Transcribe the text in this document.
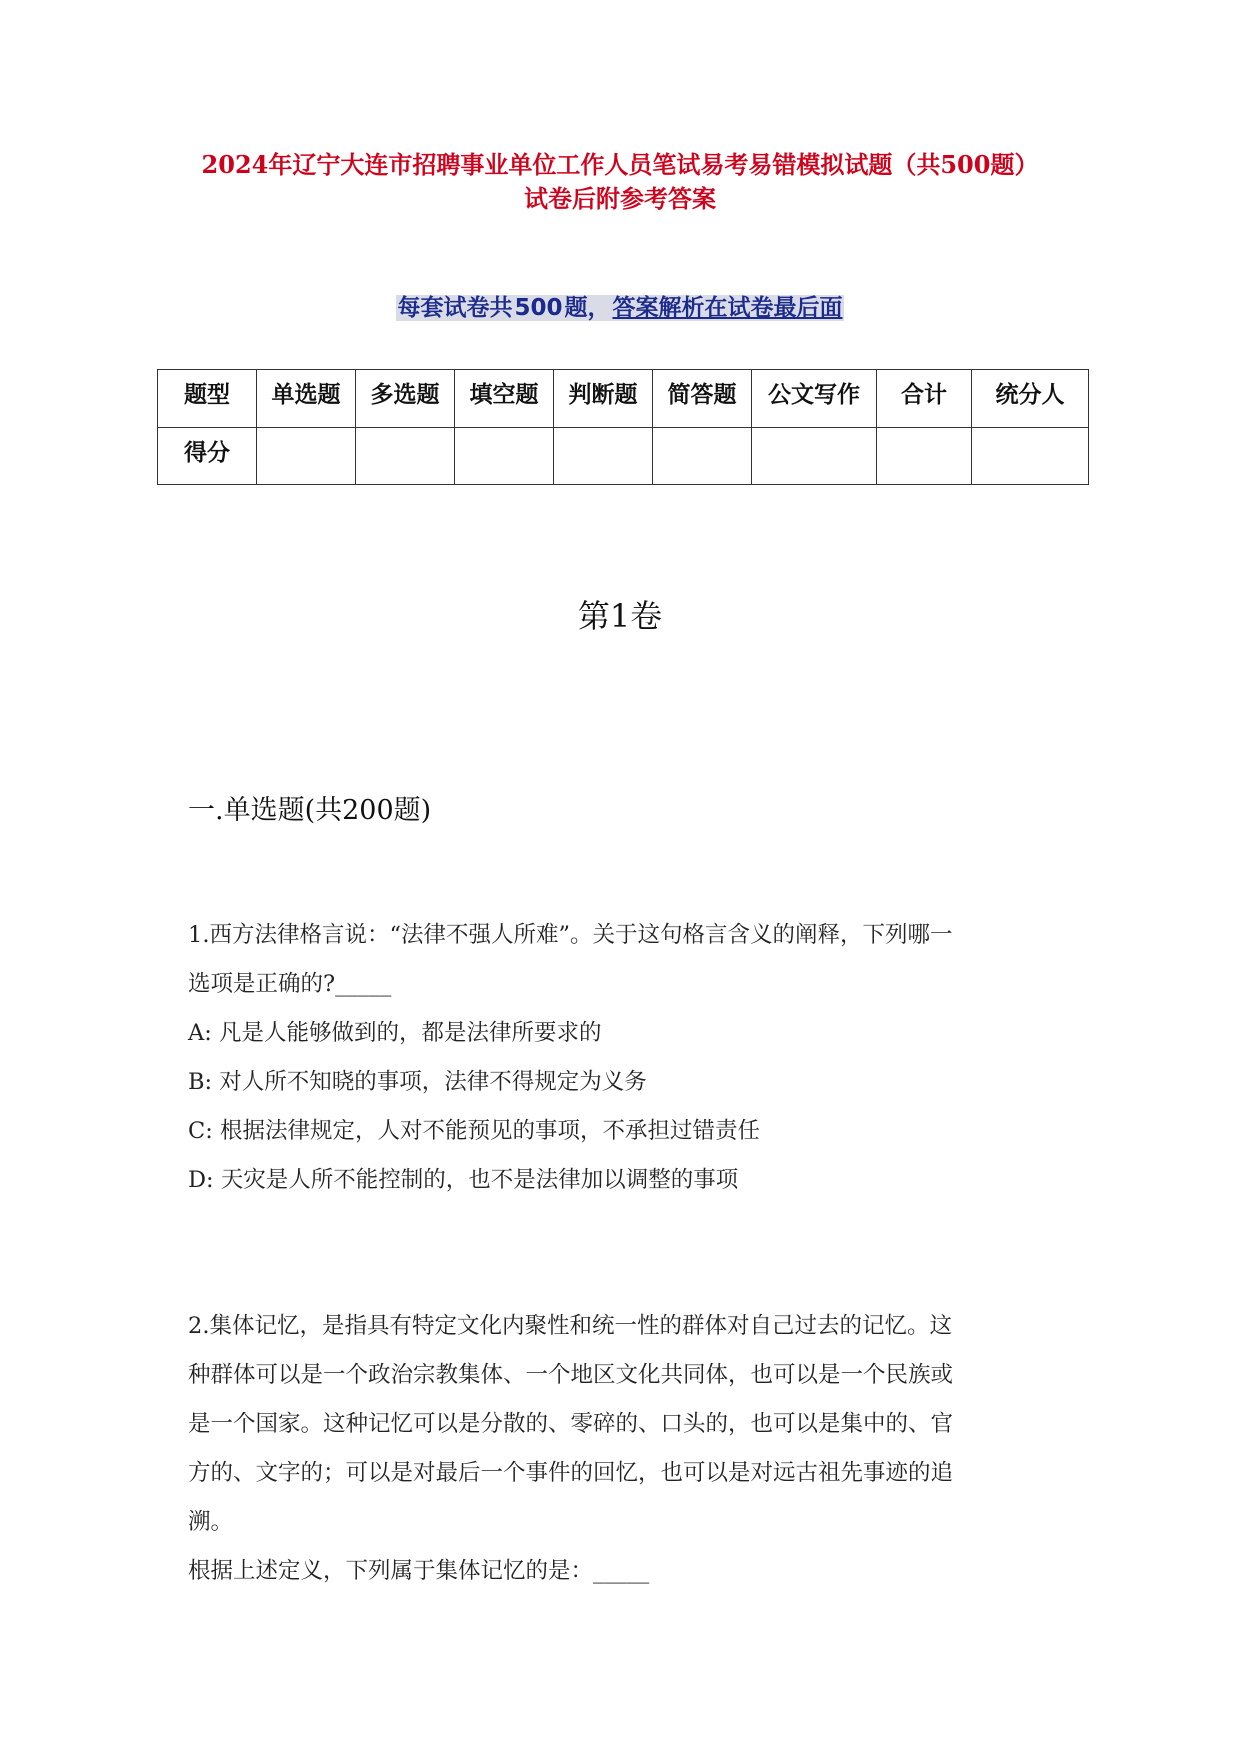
2024年辽宁大连市招聘事业单位工作人员笔试易考易错模拟试题（共500题）
试卷后附参考答案
每套试卷共500题，答案解析在试卷最后面
题型	单选题	多选题	填空题	判断题	简答题	公文写作	合计	统分人
得分								
第1卷
一.单选题(共200题)
1.西方法律格言说：“法律不强人所难”。关于这句格言含义的阐释，下列哪一
选项是正确的?_____
A: 凡是人能够做到的，都是法律所要求的
B: 对人所不知晓的事项，法律不得规定为义务
C: 根据法律规定，人对不能预见的事项，不承担过错责任
D: 天灾是人所不能控制的，也不是法律加以调整的事项
2.集体记忆，是指具有特定文化内聚性和统一性的群体对自己过去的记忆。这
种群体可以是一个政治宗教集体、一个地区文化共同体，也可以是一个民族或
是一个国家。这种记忆可以是分散的、零碎的、口头的，也可以是集中的、官
方的、文字的；可以是对最后一个事件的回忆，也可以是对远古祖先事迹的追
溯。
根据上述定义，下列属于集体记忆的是：_____
